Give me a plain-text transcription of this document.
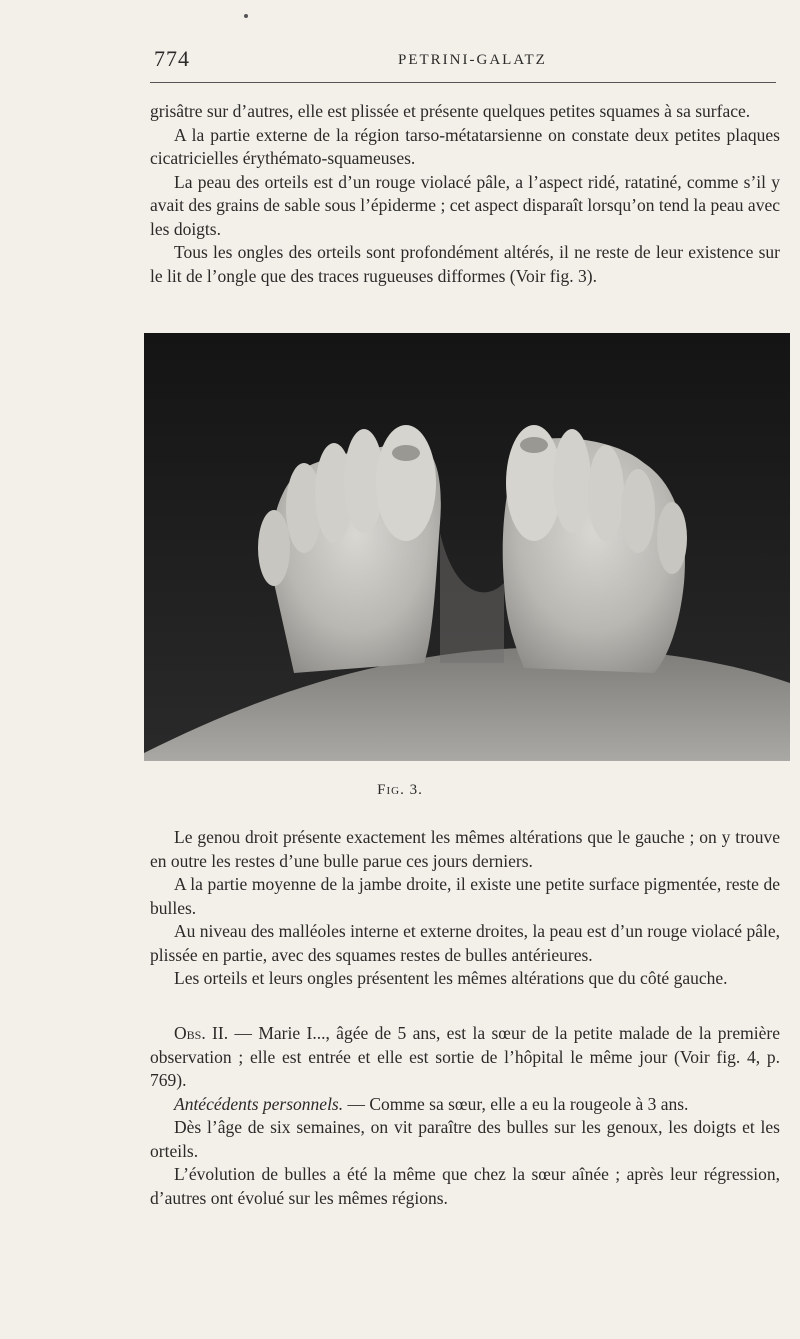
774	PETRINI-GALATZ

grisâtre sur d’autres, elle est plissée et présente quelques petites squames à sa surface.

A la partie externe de la région tarso-métatarsienne on constate deux petites plaques cicatricielles érythémato-squameuses.

La peau des orteils est d’un rouge violacé pâle, a l’aspect ridé, ratatiné, comme s’il y avait des grains de sable sous l’épiderme ; cet aspect disparaît lorsqu’on tend la peau avec les doigts.

Tous les ongles des orteils sont profondément altérés, il ne reste de leur existence sur le lit de l’ongle que des traces rugueuses difformes (Voir fig. 3).

Fig. 3.

Le genou droit présente exactement les mêmes altérations que le gauche ; on y trouve en outre les restes d’une bulle parue ces jours derniers.

A la partie moyenne de la jambe droite, il existe une petite surface pigmentée, reste de bulles.

Au niveau des malléoles interne et externe droites, la peau est d’un rouge violacé pâle, plissée en partie, avec des squames restes de bulles antérieures.

Les orteils et leurs ongles présentent les mêmes altérations que du côté gauche.

Obs. II. — Marie I..., âgée de 5 ans, est la sœur de la petite malade de la première observation ; elle est entrée et elle est sortie de l’hôpital le même jour (Voir fig. 4, p. 769).

Antécédents personnels. — Comme sa sœur, elle a eu la rougeole à 3 ans.

Dès l’âge de six semaines, on vit paraître des bulles sur les genoux, les doigts et les orteils.

L’évolution de bulles a été la même que chez la sœur aînée ; après leur régression, d’autres ont évolué sur les mêmes régions.
